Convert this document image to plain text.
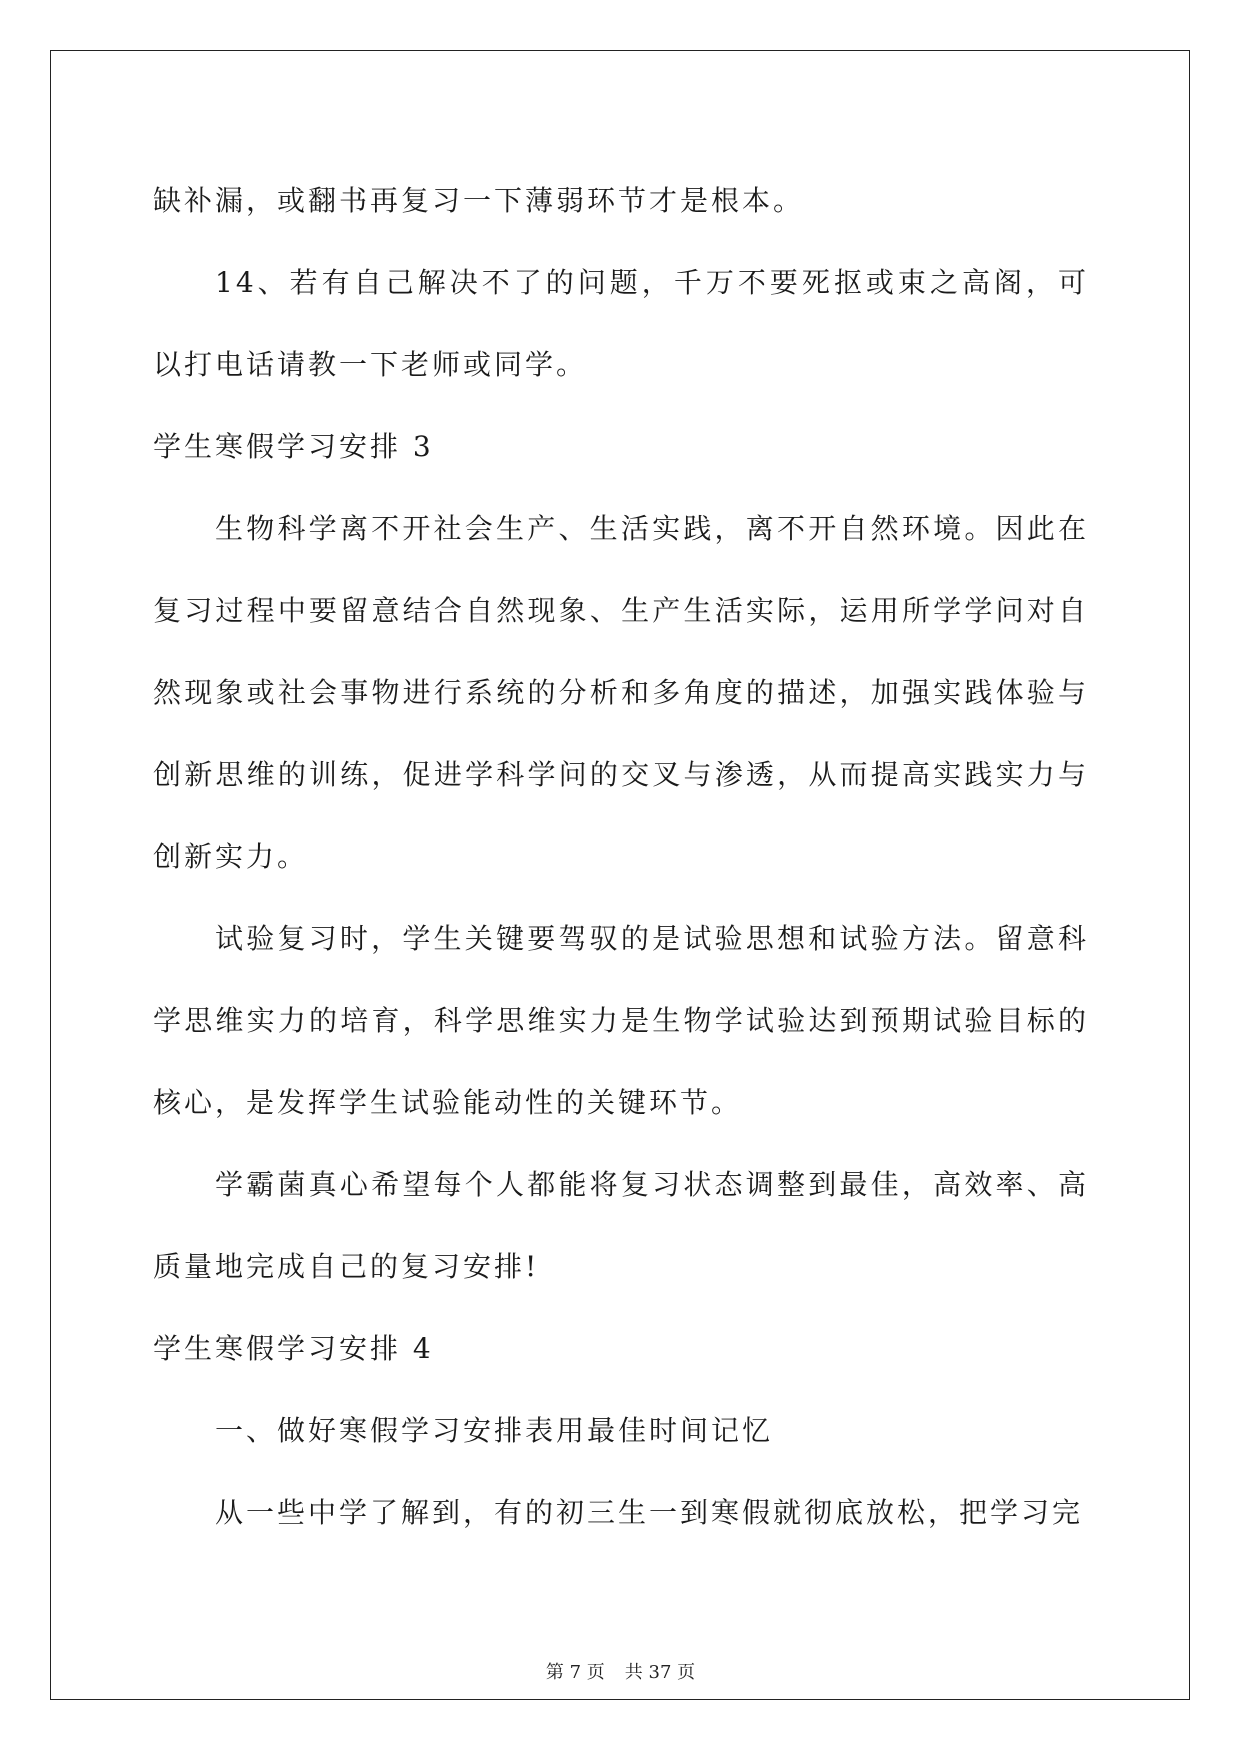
缺补漏，或翻书再复习一下薄弱环节才是根本。

14、若有自己解决不了的问题，千万不要死抠或束之高阁，可以打电话请教一下老师或同学。

学生寒假学习安排 3

生物科学离不开社会生产、生活实践，离不开自然环境。因此在复习过程中要留意结合自然现象、生产生活实际，运用所学学问对自然现象或社会事物进行系统的分析和多角度的描述，加强实践体验与创新思维的训练，促进学科学问的交叉与渗透，从而提高实践实力与创新实力。

试验复习时，学生关键要驾驭的是试验思想和试验方法。留意科学思维实力的培育，科学思维实力是生物学试验达到预期试验目标的核心，是发挥学生试验能动性的关键环节。

学霸菌真心希望每个人都能将复习状态调整到最佳，高效率、高质量地完成自己的复习安排!

学生寒假学习安排 4

一、做好寒假学习安排表用最佳时间记忆

从一些中学了解到，有的初三生一到寒假就彻底放松，把学习完

第 7 页 共 37 页
